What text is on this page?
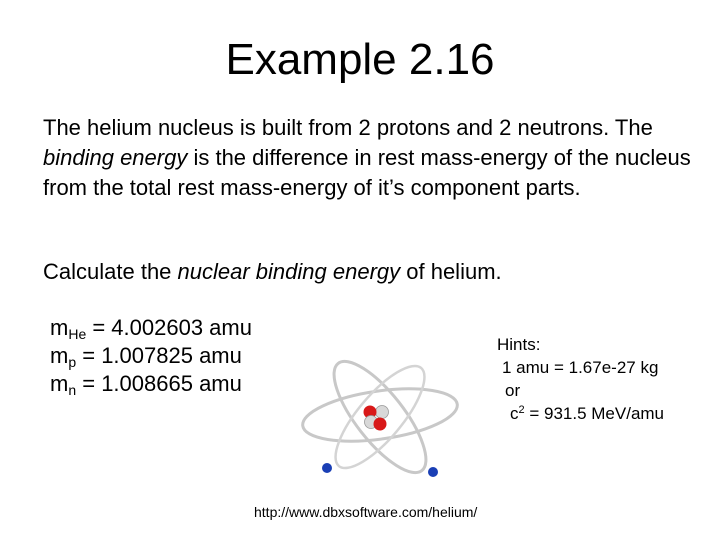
Example 2.16

The helium nucleus is built from 2 protons and 2 neutrons. The binding energy is the difference in rest mass-energy of the nucleus from the total rest mass-energy of it’s component parts.

Calculate the nuclear binding energy of helium.

$m_{He} = 4.002603$ amu
$m_p = 1.007825$ amu
$m_n = 1.008665$ amu
Hints:
1 amu = 1.67e-27 kg
or
$c^2 = 931.5$ MeV/amu
http://www.dbxsoftware.com/helium/
